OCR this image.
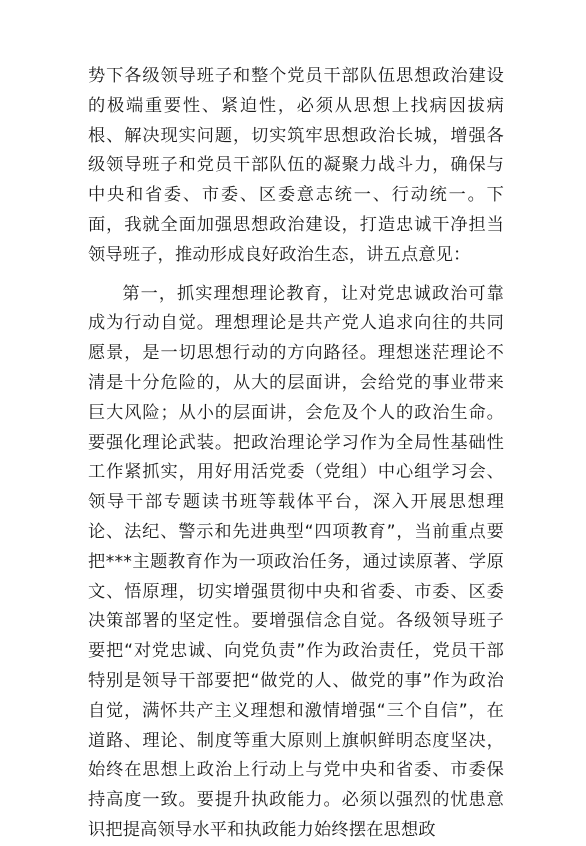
势下各级领导班子和整个党员干部队伍思想政治建设的极端重要性、紧迫性，必须从思想上找病因拔病根、解决现实问题，切实筑牢思想政治长城，增强各级领导班子和党员干部队伍的凝聚力战斗力，确保与中央和省委、市委、区委意志统一、行动统一。下面，我就全面加强思想政治建设，打造忠诚干净担当领导班子，推动形成良好政治生态，讲五点意见：

第一，抓实理想理论教育，让对党忠诚政治可靠成为行动自觉。理想理论是共产党人追求向往的共同愿景，是一切思想行动的方向路径。理想迷茫理论不清是十分危险的，从大的层面讲，会给党的事业带来巨大风险；从小的层面讲，会危及个人的政治生命。要强化理论武装。把政治理论学习作为全局性基础性工作紧抓实，用好用活党委（党组）中心组学习会、领导干部专题读书班等载体平台，深入开展思想理论、法纪、警示和先进典型“四项教育”，当前重点要把***主题教育作为一项政治任务，通过读原著、学原文、悟原理，切实增强贯彻中央和省委、市委、区委决策部署的坚定性。要增强信念自觉。各级领导班子要把“对党忠诚、向党负责”作为政治责任，党员干部特别是领导干部要把“做党的人、做党的事”作为政治自觉，满怀共产主义理想和激情增强“三个自信”，在道路、理论、制度等重大原则上旗帜鲜明态度坚决，始终在思想上政治上行动上与党中央和省委、市委保持高度一致。要提升执政能力。必须以强烈的忧患意识把提高领导水平和执政能力始终摆在思想政
